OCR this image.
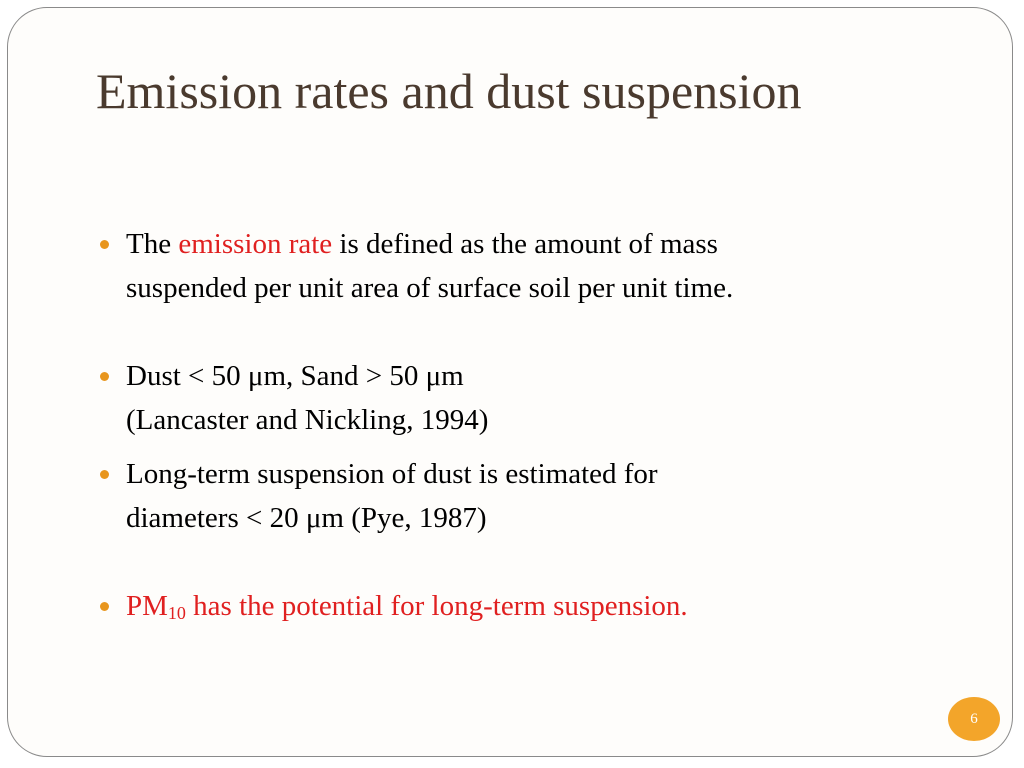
Emission rates and dust suspension
The emission rate is defined as the amount of mass
suspended per unit area of surface soil per unit time.
Dust < 50 μm, Sand > 50 μm
(Lancaster and Nickling, 1994)
Long-term suspension of dust is estimated for
diameters < 20 μm (Pye, 1987)
$PM_{10}$ has the potential for long-term suspension.
6
